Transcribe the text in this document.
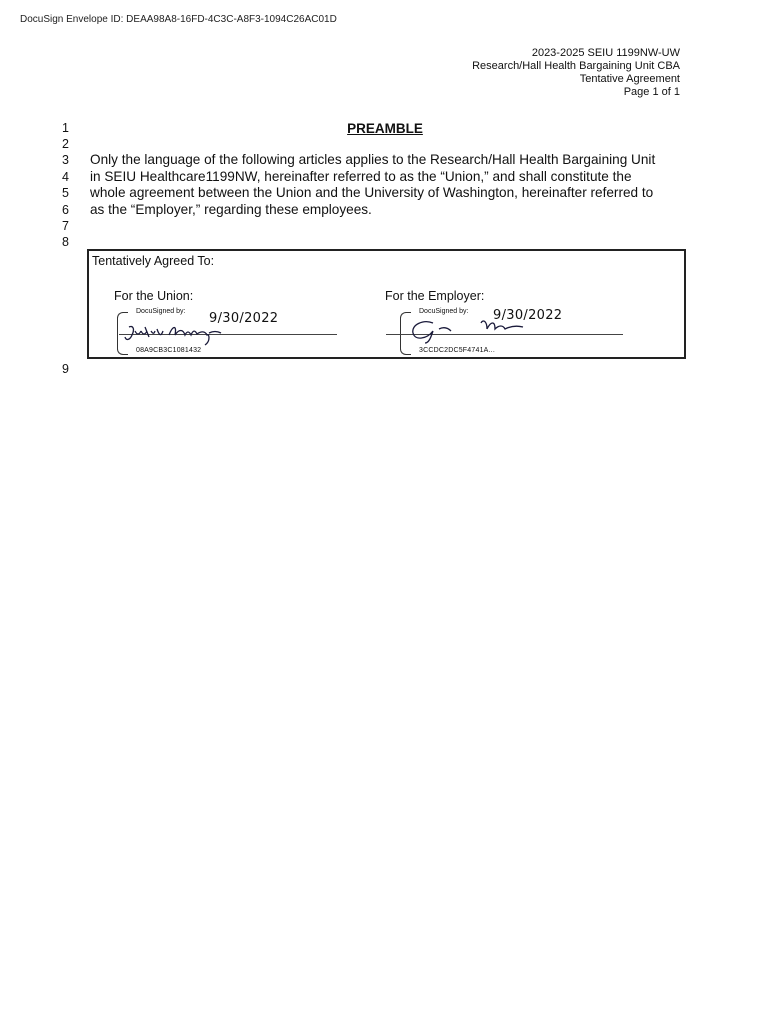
DocuSign Envelope ID: DEAA98A8-16FD-4C3C-A8F3-1094C26AC01D
2023-2025 SEIU 1199NW-UW
Research/Hall Health Bargaining Unit CBA
Tentative Agreement
Page 1 of 1
1
2
3
4
5
6
7
8
9
PREAMBLE
Only the language of the following articles applies to the Research/Hall Health Bargaining Unit
in SEIU Healthcare1199NW, hereinafter referred to as the “Union,” and shall constitute the
whole agreement between the Union and the University of Washington, hereinafter referred to
as the “Employer,” regarding these employees.
Tentatively Agreed To:
For the Union:
DocuSigned by: 9/30/2022
08A9CB3C1081432
For the Employer:
DocuSigned by: 9/30/2022
3CCDC2DC5F4741A...
